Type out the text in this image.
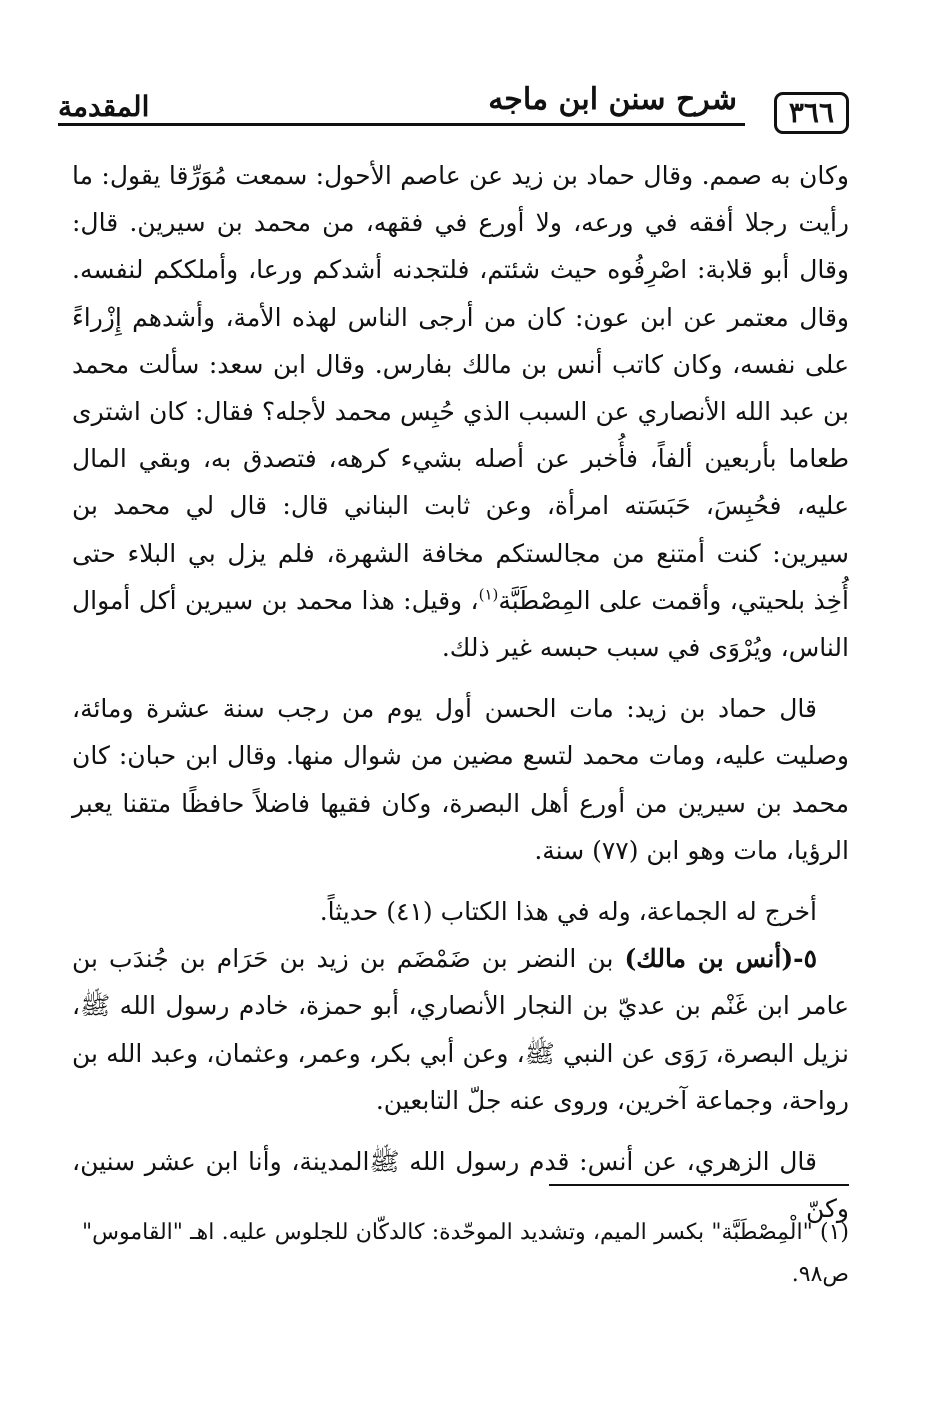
٣٦٦
شرح سنن ابن ماجه
المقدمة

وكان به صمم. وقال حماد بن زيد عن عاصم الأحول: سمعت مُوَرِّقا يقول: ما رأيت رجلا أفقه في ورعه، ولا أورع في فقهه، من محمد بن سيرين. قال: وقال أبو قلابة: اصْرِفُوه حيث شئتم، فلتجدنه أشدكم ورعا، وأملككم لنفسه. وقال معتمر عن ابن عون: كان من أرجى الناس لهذه الأمة، وأشدهم إِزْراءً على نفسه، وكان كاتب أنس بن مالك بفارس. وقال ابن سعد: سألت محمد بن عبد الله الأنصاري عن السبب الذي حُبِس محمد لأجله؟ فقال: كان اشترى طعاما بأربعين ألفاً، فأُخبر عن أصله بشيء كرهه، فتصدق به، وبقي المال عليه، فحُبِسَ، حَبَسَته امرأة، وعن ثابت البناني قال: قال لي محمد بن سيرين: كنت أمتنع من مجالستكم مخافة الشهرة، فلم يزل بي البلاء حتى أُخِذ بلحيتي، وأقمت على المِصْطَبَّة$^{(١)}$، وقيل: هذا محمد بن سيرين أكل أموال الناس، ويُرْوَى في سبب حبسه غير ذلك.

قال حماد بن زيد: مات الحسن أول يوم من رجب سنة عشرة ومائة، وصليت عليه، ومات محمد لتسع مضين من شوال منها. وقال ابن حبان: كان محمد بن سيرين من أورع أهل البصرة، وكان فقيها فاضلاً حافظًا متقنا يعبر الرؤيا، مات وهو ابن (٧٧) سنة.

أخرج له الجماعة، وله في هذا الكتاب (٤١) حديثاً.

٥-(أنس بن مالك) بن النضر بن ضَمْضَم بن زيد بن حَرَام بن جُندَب بن عامر ابن غَنْم بن عديّ بن النجار الأنصاري، أبو حمزة، خادم رسول الله ﷺ، نزيل البصرة، رَوَى عن النبي ﷺ، وعن أبي بكر، وعمر، وعثمان، وعبد الله بن رواحة، وجماعة آخرين، وروى عنه جلّ التابعين.

قال الزهري، عن أنس: قدم رسول الله ﷺالمدينة، وأنا ابن عشر سنين، وكنّ

(١) "الْمِصْطَبَّة" بكسر الميم، وتشديد الموحّدة: كالدكّان للجلوس عليه. اهـ "القاموس" ص٩٨.
